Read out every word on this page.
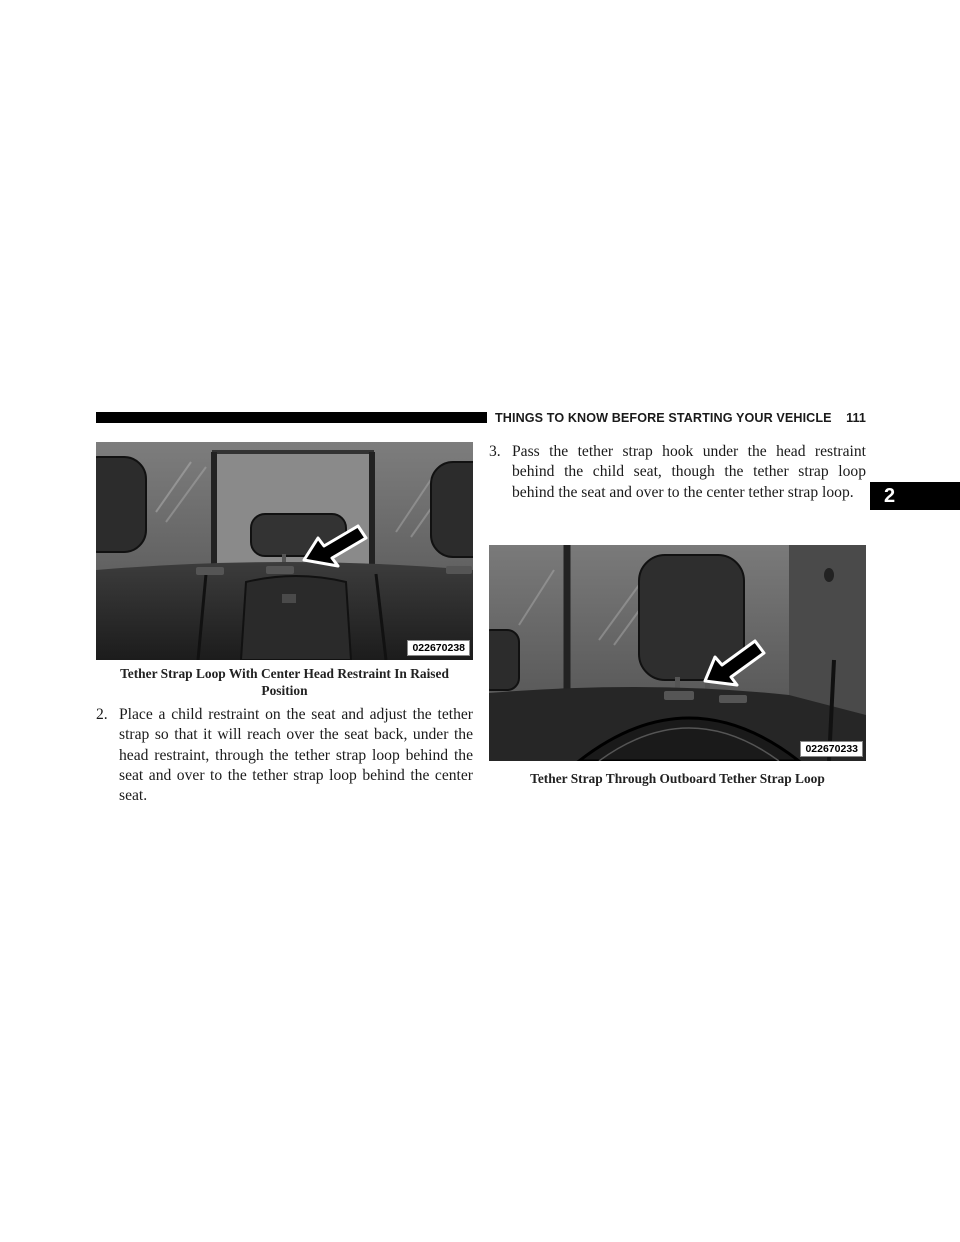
THINGS TO KNOW BEFORE STARTING YOUR VEHICLE 111
2
022670238
Tether Strap Loop With Center Head Restraint In Raised Position
2. Place a child restraint on the seat and adjust the tether strap so that it will reach over the seat back, under the head restraint, through the tether strap loop behind the seat and over to the tether strap loop behind the center seat.
3. Pass the tether strap hook under the head restraint behind the child seat, though the tether strap loop behind the seat and over to the center tether strap loop.
022670233
Tether Strap Through Outboard Tether Strap Loop
